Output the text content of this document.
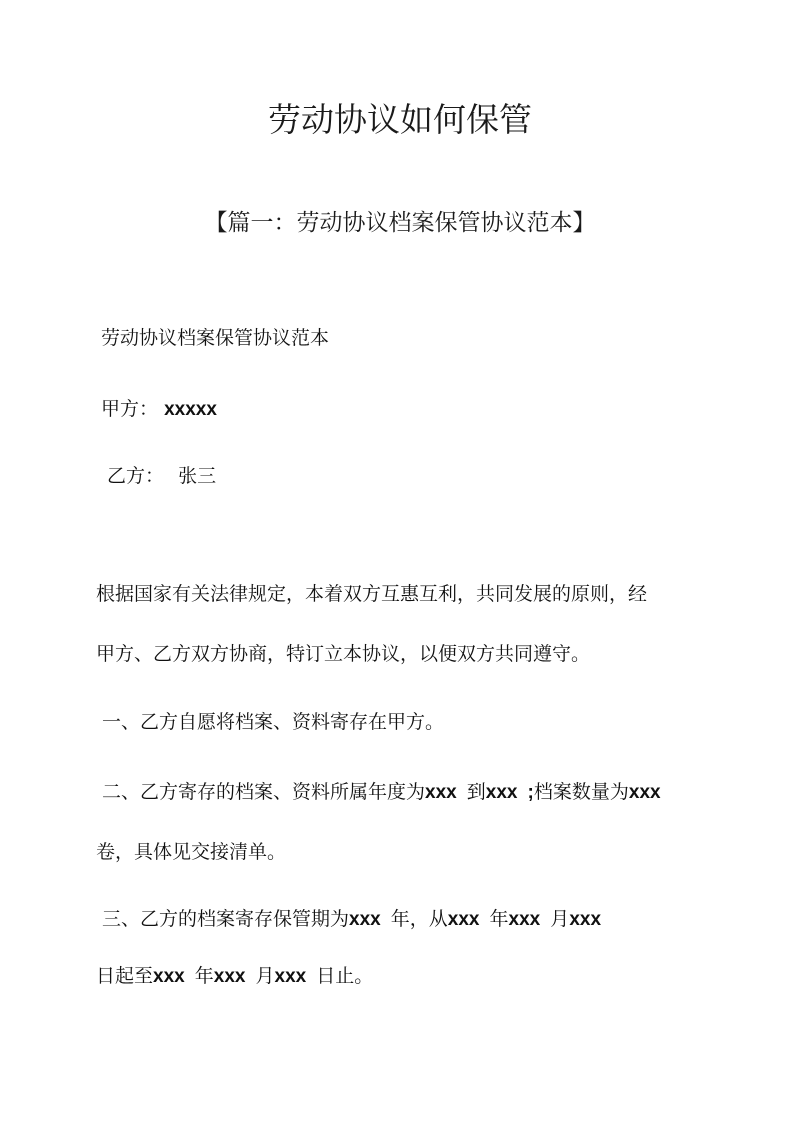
劳动协议如何保管
【篇一：劳动协议档案保管协议范本】
劳动协议档案保管协议范本
甲方： xxxxx
乙方： 张三
根据国家有关法律规定，本着双方互惠互利，共同发展的原则，经
甲方、乙方双方协商，特订立本协议，以便双方共同遵守。
一、乙方自愿将档案、资料寄存在甲方。
二、乙方寄存的档案、资料所属年度为xxx 到xxx ;档案数量为xxx
卷，具体见交接清单。
三、乙方的档案寄存保管期为xxx 年，从xxx 年xxx 月xxx
日起至xxx 年xxx 月xxx 日止。
